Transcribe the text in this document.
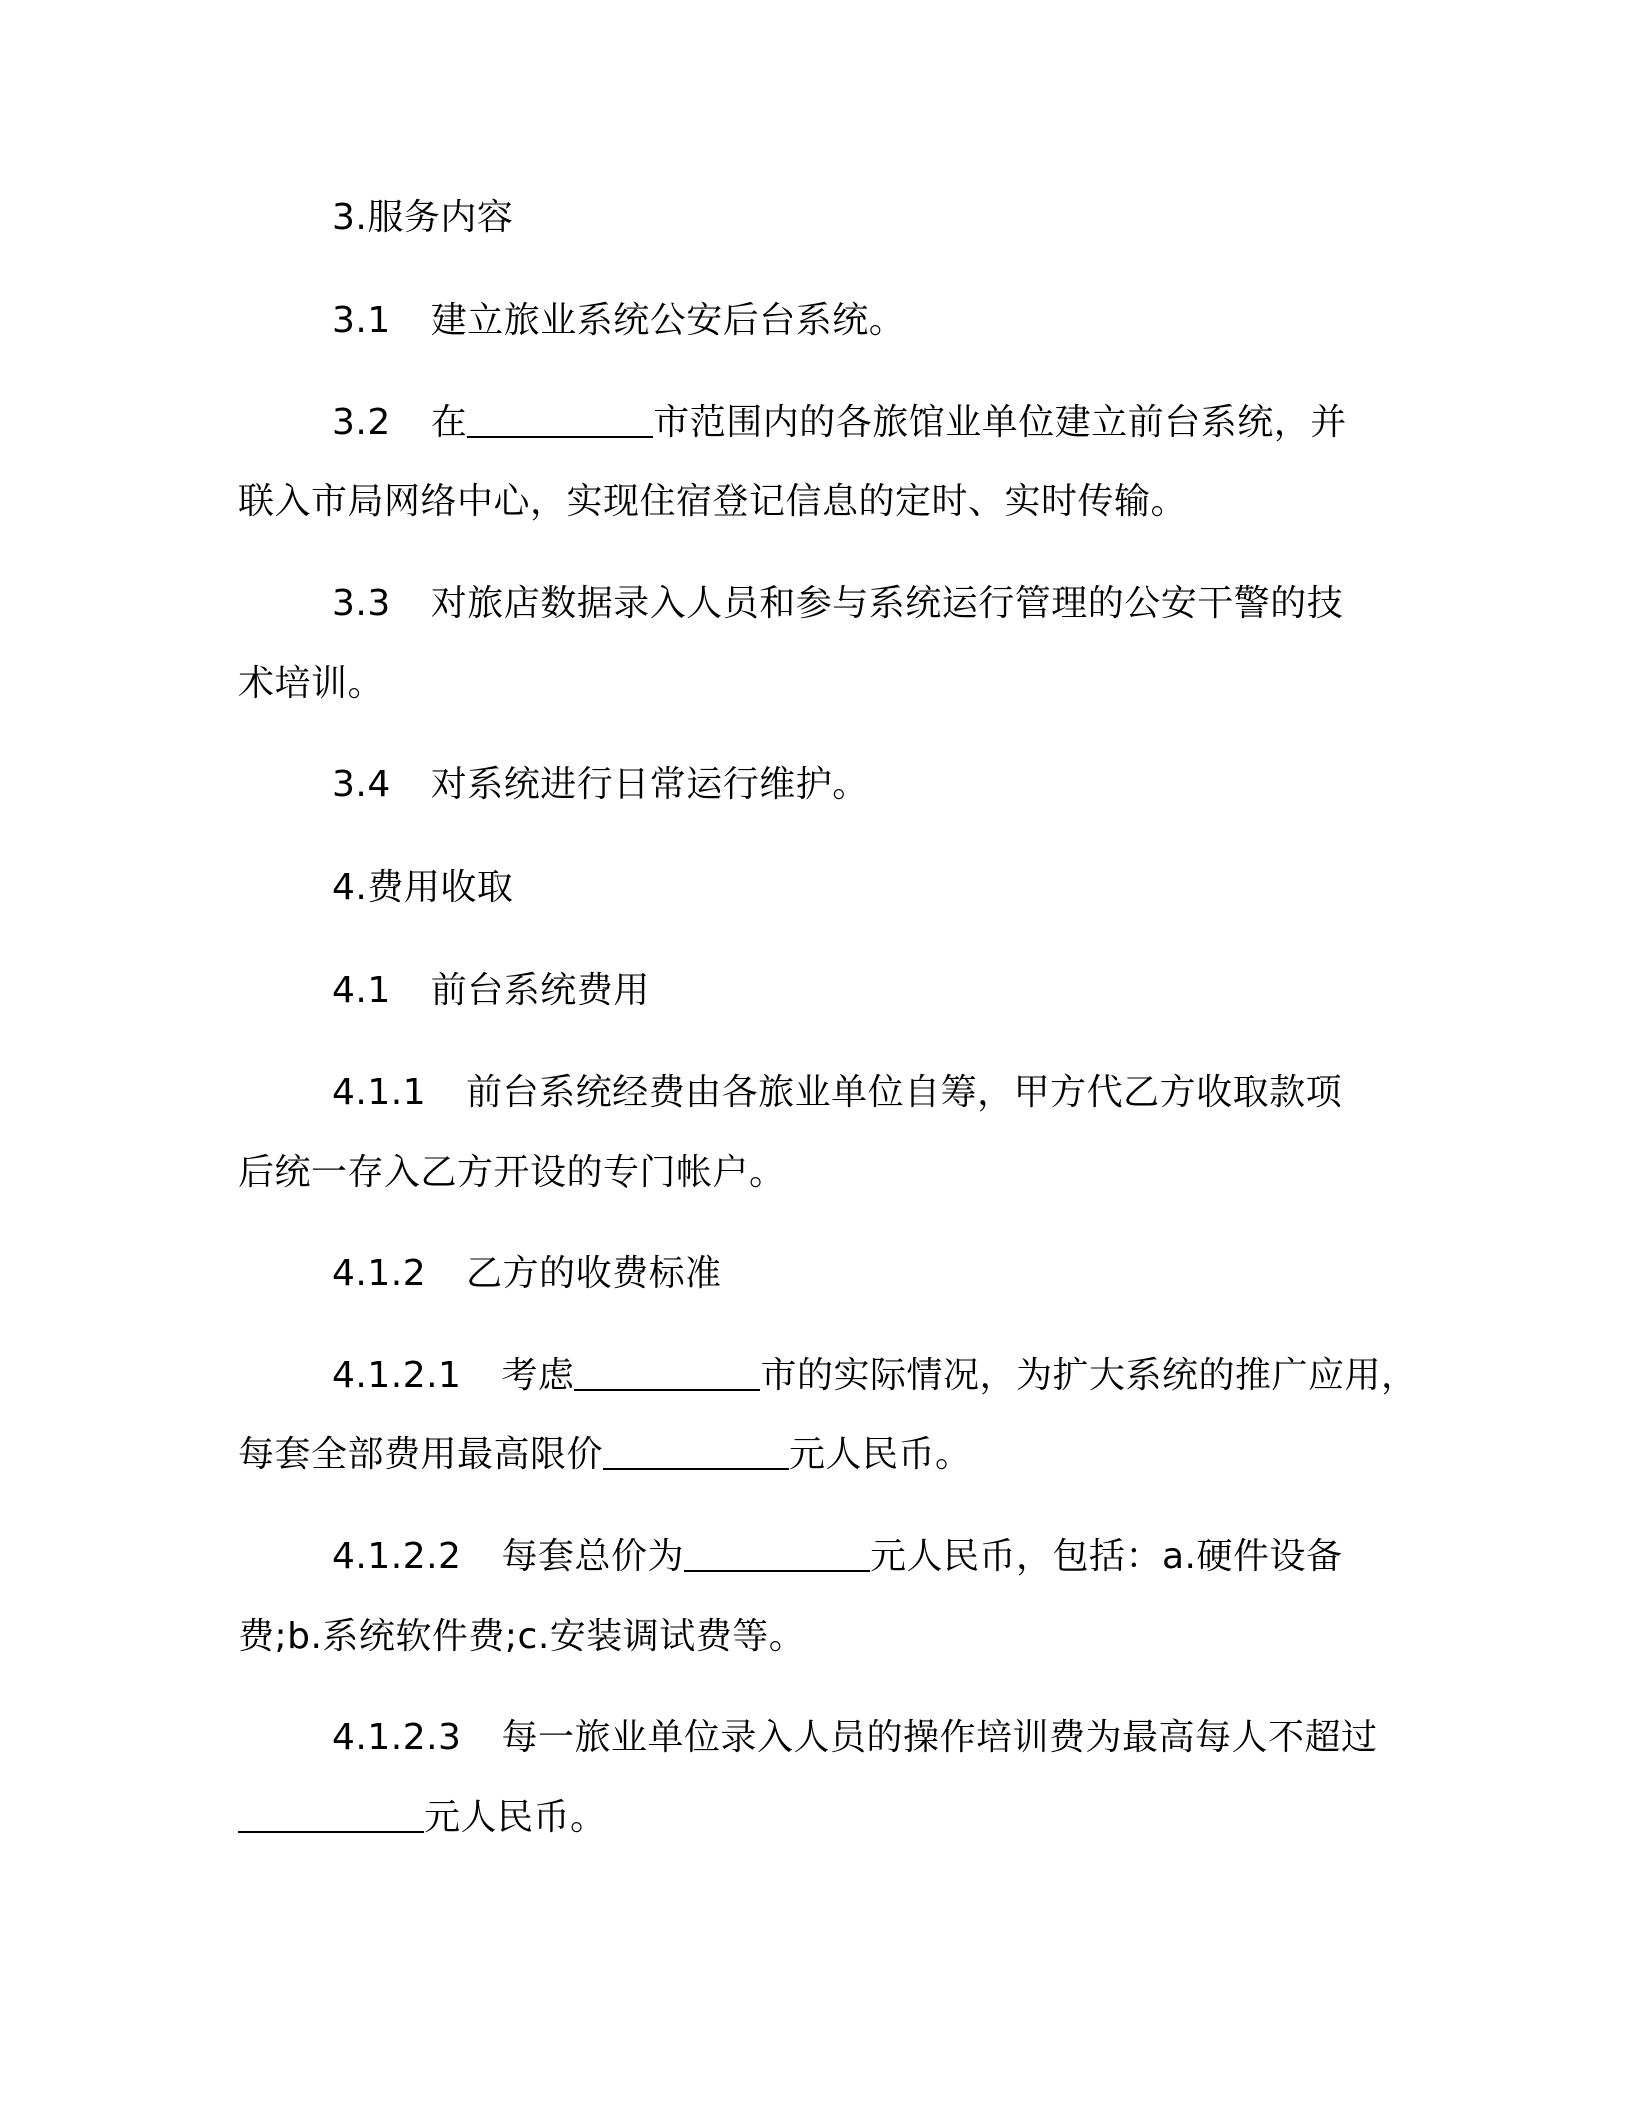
3.服务内容
3.1 建立旅业系统公安后台系统。
3.2 在	市范围内的各旅馆业单位建立前台系统，并
联入市局网络中心，实现住宿登记信息的定时、实时传输。
3.3 对旅店数据录入人员和参与系统运行管理的公安干警的技
术培训。
3.4 对系统进行日常运行维护。
4.费用收取
4.1 前台系统费用
4.1.1 前台系统经费由各旅业单位自筹，甲方代乙方收取款项
后统一存入乙方开设的专门帐户。
4.1.2 乙方的收费标准
4.1.2.1 考虑	市的实际情况，为扩大系统的推广应用，
每套全部费用最高限价	元人民币。
4.1.2.2 每套总价为	元人民币，包括：a.硬件设备
费;b.系统软件费;c.安装调试费等。
4.1.2.3 每一旅业单位录入人员的操作培训费为最高每人不超过
元人民币。
